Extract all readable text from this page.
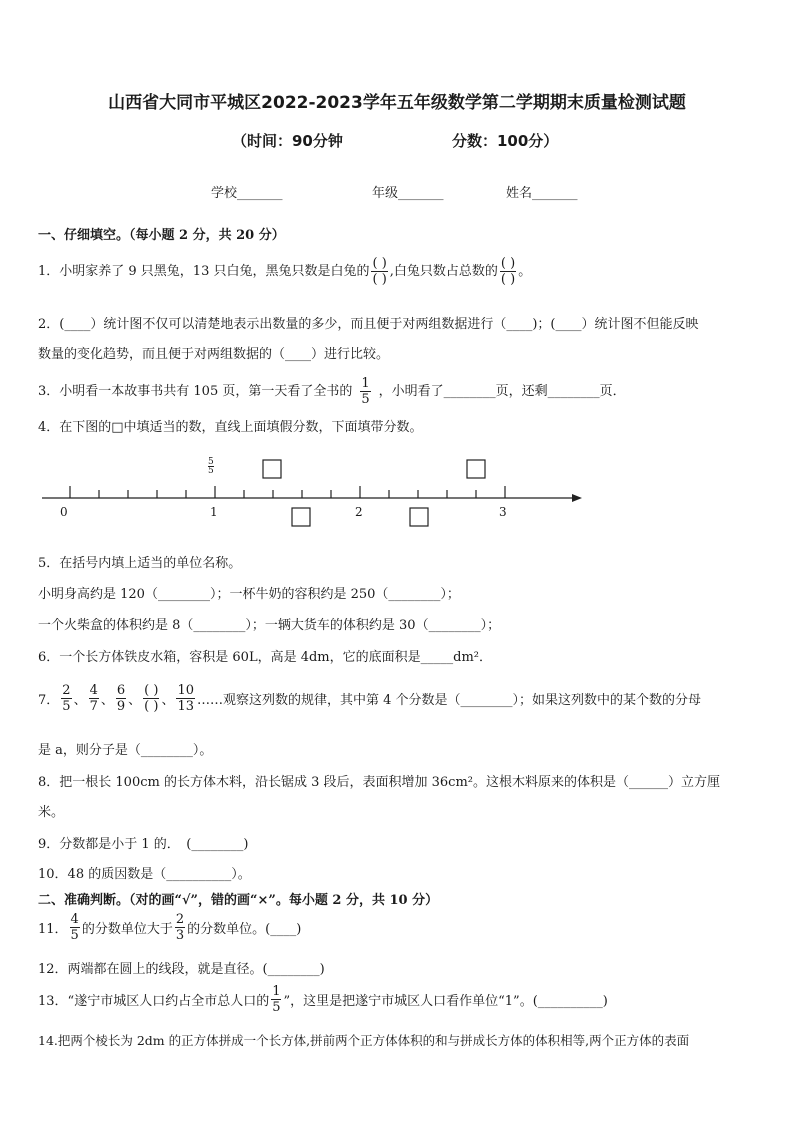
山西省大同市平城区2022-2023学年五年级数学第二学期期末质量检测试题
（时间：90分钟	分数：100分）
学校_______	年级_______	姓名_______
一、仔细填空。（每小题 2 分，共 20 分）
1．小明家养了 9 只黑兔，13 只白兔，黑兔只数是白兔的 $\frac{( )}{( )}$ ,白兔只数占总数的 $\frac{( )}{( )}$ 。
2．(____）统计图不仅可以清楚地表示出数量的多少，而且便于对两组数据进行（____)；(____）统计图不但能反映
数量的变化趋势，而且便于对两组数据的（____）进行比较。
3．小明看一本故事书共有 105 页，第一天看了全书的 $\frac{1}{5}$ ，小明看了________页，还剩________页．
4．在下图的□中填适当的数，直线上面填假分数，下面填带分数。
0	1	2	3
$\frac{5}{5}$
5．在括号内填上适当的单位名称。
小明身高约是 120（________）；一杯牛奶的容积约是 250（________）；
一个火柴盒的体积约是 8（________）；一辆大货车的体积约是 30（________）；
6．一个长方体铁皮水箱，容积是 60L，高是 4dm，它的底面积是_____dm²．
7． $\frac{2}{5}$ 、 $\frac{4}{7}$ 、 $\frac{6}{9}$ 、 $\frac{( )}{( )}$ 、 $\frac{10}{13}$ ……观察这列数的规律，其中第 4 个分数是（________）；如果这列数中的某个数的分母
是 a，则分子是（________）。
8．把一根长 100cm 的长方体木料，沿长锯成 3 段后，表面积增加 36cm²。这根木料原来的体积是（______）立方厘
米。
9．分数都是小于 1 的．　(________)
10．48 的质因数是（__________）。
二、准确判断。（对的画“√”，错的画“×”。每小题 2 分，共 10 分）
11． $\frac{4}{5}$ 的分数单位大于 $\frac{2}{3}$ 的分数单位。(____)
12．两端都在圆上的线段，就是直径。(________)
13．“遂宁市城区人口约占全市总人口的 $\frac{1}{5}$ ”，这里是把遂宁市城区人口看作单位“1”。(__________)
14.把两个棱长为 2dm 的正方体拼成一个长方体,拼前两个正方体体积的和与拼成长方体的体积相等,两个正方体的表面
